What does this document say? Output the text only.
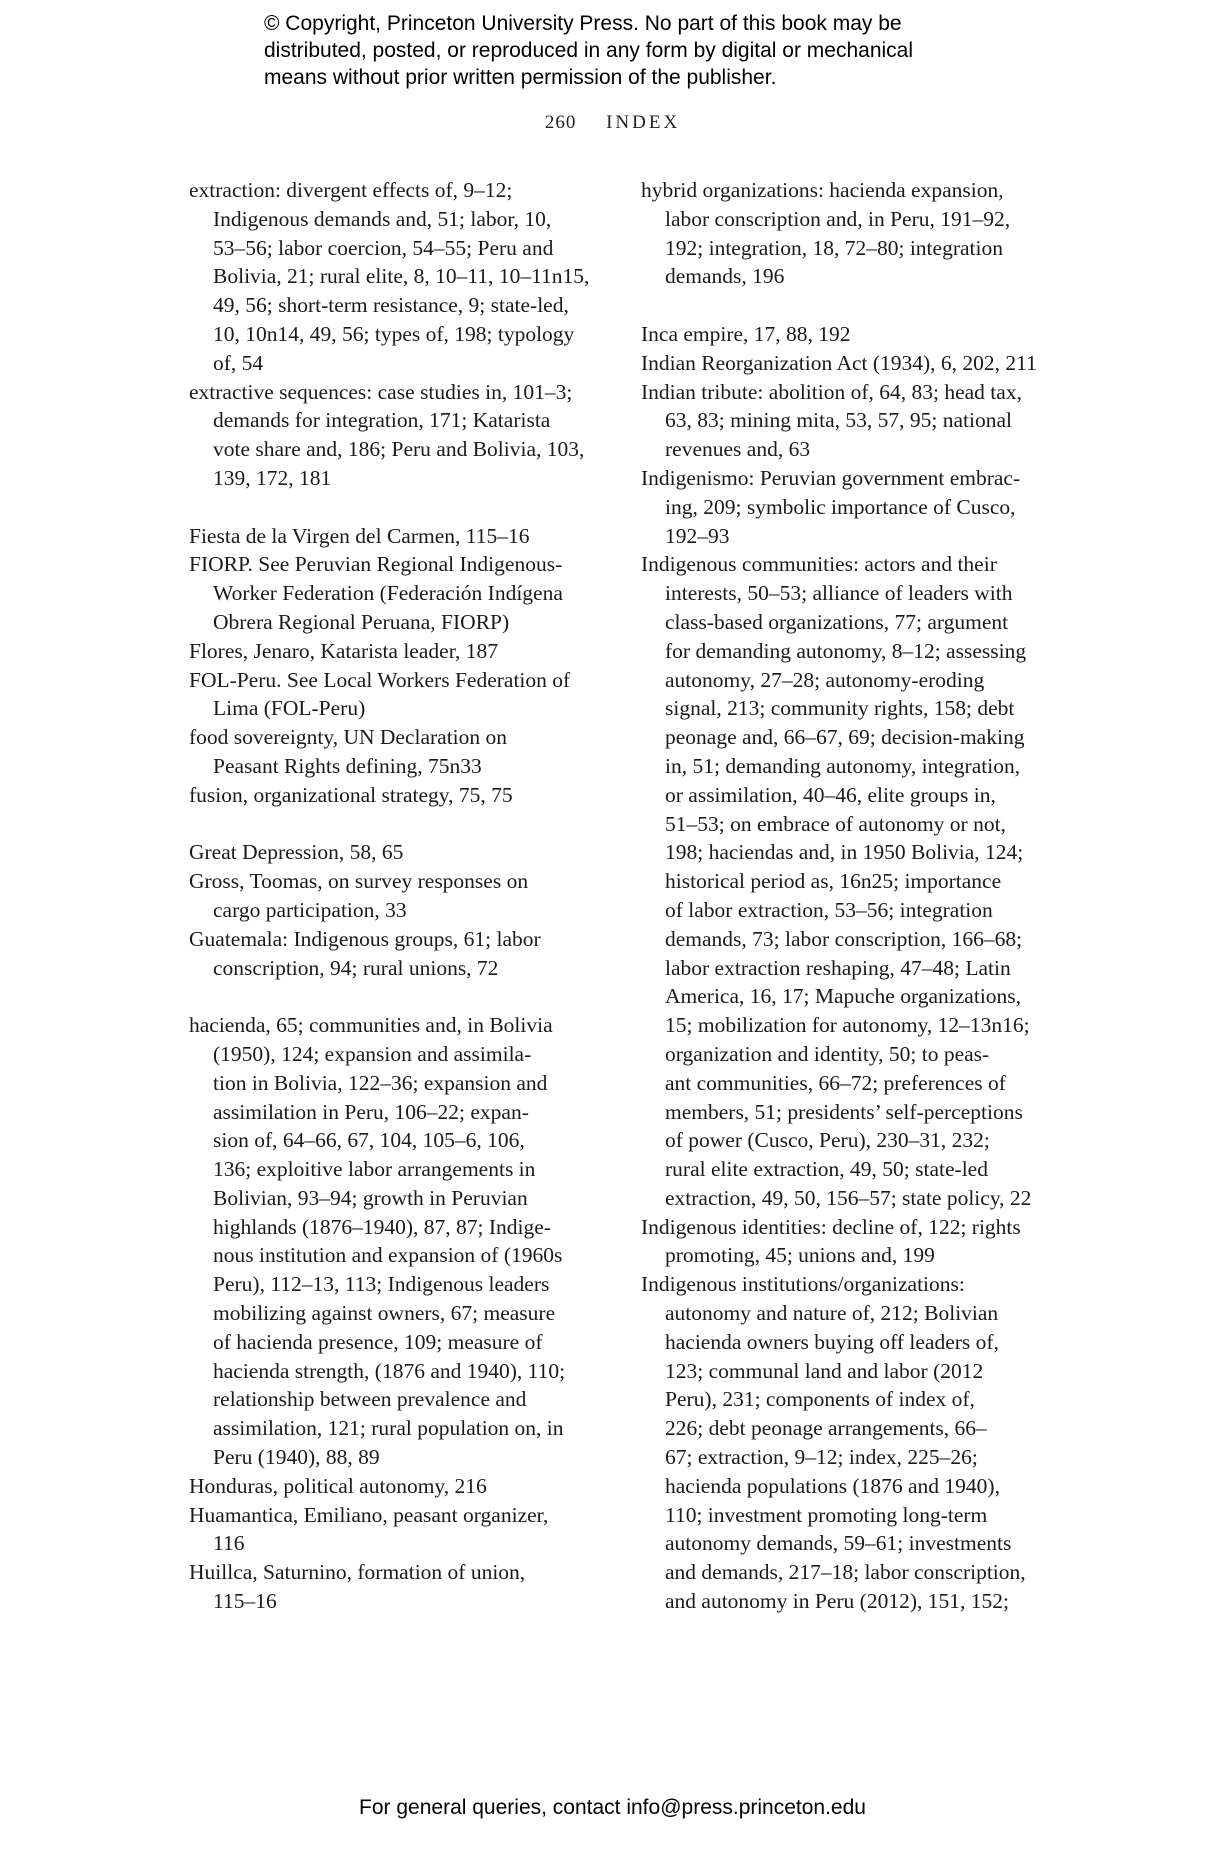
© Copyright, Princeton University Press. No part of this book may be
distributed, posted, or reproduced in any form by digital or mechanical
means without prior written permission of the publisher.
260 INDEX
extraction: divergent effects of, 9–12;
Indigenous demands and, 51; labor, 10,
53–56; labor coercion, 54–55; Peru and
Bolivia, 21; rural elite, 8, 10–11, 10–11n15,
49, 56; short-term resistance, 9; state-led,
10, 10n14, 49, 56; types of, 198; typology
of, 54
extractive sequences: case studies in, 101–3;
demands for integration, 171; Katarista
vote share and, 186; Peru and Bolivia, 103,
139, 172, 181
Fiesta de la Virgen del Carmen, 115–16
FIORP. See Peruvian Regional Indigenous-
Worker Federation (Federación Indígena
Obrera Regional Peruana, FIORP)
Flores, Jenaro, Katarista leader, 187
FOL-Peru. See Local Workers Federation of
Lima (FOL-Peru)
food sovereignty, UN Declaration on
Peasant Rights defining, 75n33
fusion, organizational strategy, 75, 75
Great Depression, 58, 65
Gross, Toomas, on survey responses on
cargo participation, 33
Guatemala: Indigenous groups, 61; labor
conscription, 94; rural unions, 72
hacienda, 65; communities and, in Bolivia
(1950), 124; expansion and assimila-
tion in Bolivia, 122–36; expansion and
assimilation in Peru, 106–22; expan-
sion of, 64–66, 67, 104, 105–6, 106,
136; exploitive labor arrangements in
Bolivian, 93–94; growth in Peruvian
highlands (1876–1940), 87, 87; Indige-
nous institution and expansion of (1960s
Peru), 112–13, 113; Indigenous leaders
mobilizing against owners, 67; measure
of hacienda presence, 109; measure of
hacienda strength, (1876 and 1940), 110;
relationship between prevalence and
assimilation, 121; rural population on, in
Peru (1940), 88, 89
Honduras, political autonomy, 216
Huamantica, Emiliano, peasant organizer,
116
Huillca, Saturnino, formation of union,
115–16
hybrid organizations: hacienda expansion,
labor conscription and, in Peru, 191–92,
192; integration, 18, 72–80; integration
demands, 196
Inca empire, 17, 88, 192
Indian Reorganization Act (1934), 6, 202, 211
Indian tribute: abolition of, 64, 83; head tax,
63, 83; mining mita, 53, 57, 95; national
revenues and, 63
Indigenismo: Peruvian government embrac-
ing, 209; symbolic importance of Cusco,
192–93
Indigenous communities: actors and their
interests, 50–53; alliance of leaders with
class-based organizations, 77; argument
for demanding autonomy, 8–12; assessing
autonomy, 27–28; autonomy-eroding
signal, 213; community rights, 158; debt
peonage and, 66–67, 69; decision-making
in, 51; demanding autonomy, integration,
or assimilation, 40–46, elite groups in,
51–53; on embrace of autonomy or not,
198; haciendas and, in 1950 Bolivia, 124;
historical period as, 16n25; importance
of labor extraction, 53–56; integration
demands, 73; labor conscription, 166–68;
labor extraction reshaping, 47–48; Latin
America, 16, 17; Mapuche organizations,
15; mobilization for autonomy, 12–13n16;
organization and identity, 50; to peas-
ant communities, 66–72; preferences of
members, 51; presidents’ self-perceptions
of power (Cusco, Peru), 230–31, 232;
rural elite extraction, 49, 50; state-led
extraction, 49, 50, 156–57; state policy, 22
Indigenous identities: decline of, 122; rights
promoting, 45; unions and, 199
Indigenous institutions/organizations:
autonomy and nature of, 212; Bolivian
hacienda owners buying off leaders of,
123; communal land and labor (2012
Peru), 231; components of index of,
226; debt peonage arrangements, 66–
67; extraction, 9–12; index, 225–26;
hacienda populations (1876 and 1940),
110; investment promoting long-term
autonomy demands, 59–61; investments
and demands, 217–18; labor conscription,
and autonomy in Peru (2012), 151, 152;
For general queries, contact info@press.princeton.edu
